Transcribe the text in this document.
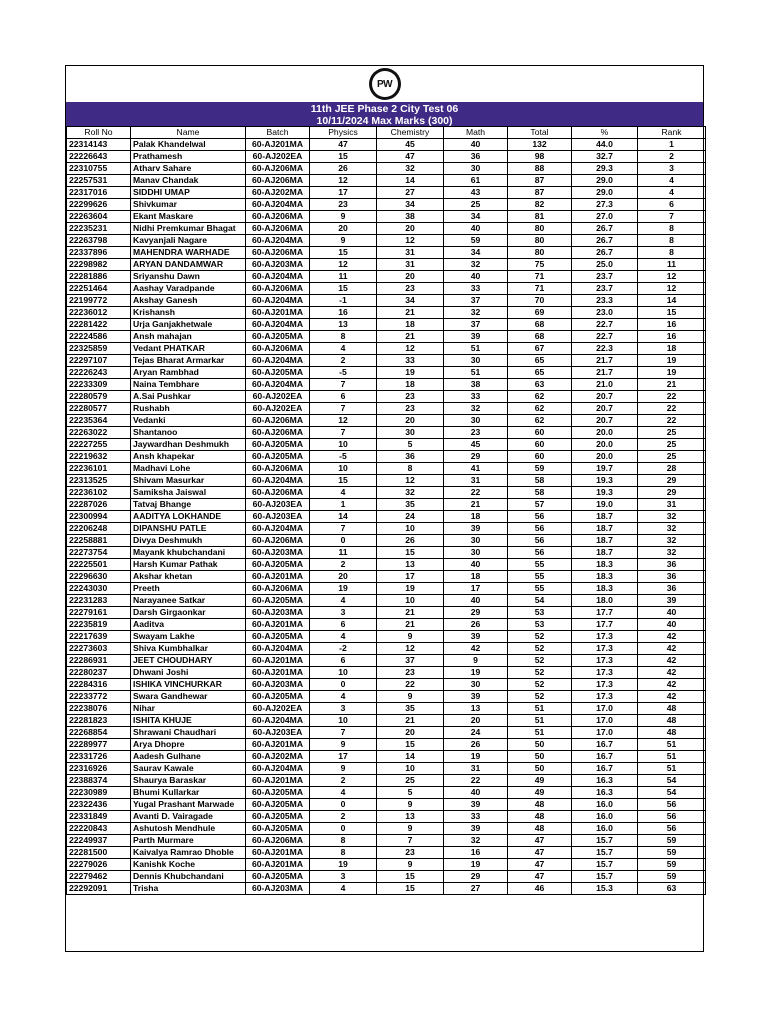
PW
11th JEE Phase 2 City Test 06
10/11/2024 Max Marks (300)
Roll No	Name	Batch	Physics	Chemistry	Math	Total	%	Rank
22314143	Palak Khandelwal	60-AJ201MA	47	45	40	132	44.0	1
22226643	Prathamesh	60-AJ202EA	15	47	36	98	32.7	2
22310755	Atharv Sahare	60-AJ206MA	26	32	30	88	29.3	3
22257531	Manav Chandak	60-AJ206MA	12	14	61	87	29.0	4
22317016	SIDDHI UMAP	60-AJ202MA	17	27	43	87	29.0	4
22299626	Shivkumar	60-AJ204MA	23	34	25	82	27.3	6
22263604	Ekant Maskare	60-AJ206MA	9	38	34	81	27.0	7
22235231	Nidhi Premkumar Bhagat	60-AJ206MA	20	20	40	80	26.7	8
22263798	Kavyanjali Nagare	60-AJ204MA	9	12	59	80	26.7	8
22337896	MAHENDRA WARHADE	60-AJ206MA	15	31	34	80	26.7	8
22298982	ARYAN DANDAMWAR	60-AJ203MA	12	31	32	75	25.0	11
22281886	Sriyanshu Dawn	60-AJ204MA	11	20	40	71	23.7	12
22251464	Aashay Varadpande	60-AJ206MA	15	23	33	71	23.7	12
22199772	Akshay Ganesh	60-AJ204MA	-1	34	37	70	23.3	14
22236012	Krishansh	60-AJ201MA	16	21	32	69	23.0	15
22281422	Urja Ganjakhetwale	60-AJ204MA	13	18	37	68	22.7	16
22224586	Ansh mahajan	60-AJ205MA	8	21	39	68	22.7	16
22325859	Vedant PHATKAR	60-AJ206MA	4	12	51	67	22.3	18
22297107	Tejas Bharat Armarkar	60-AJ204MA	2	33	30	65	21.7	19
22226243	Aryan Rambhad	60-AJ205MA	-5	19	51	65	21.7	19
22233309	Naina Tembhare	60-AJ204MA	7	18	38	63	21.0	21
22280579	A.Sai Pushkar	60-AJ202EA	6	23	33	62	20.7	22
22280577	Rushabh	60-AJ202EA	7	23	32	62	20.7	22
22235364	Vedanki	60-AJ206MA	12	20	30	62	20.7	22
22263022	Shantanoo	60-AJ206MA	7	30	23	60	20.0	25
22227255	Jaywardhan Deshmukh	60-AJ205MA	10	5	45	60	20.0	25
22219632	Ansh khapekar	60-AJ205MA	-5	36	29	60	20.0	25
22236101	Madhavi Lohe	60-AJ206MA	10	8	41	59	19.7	28
22313525	Shivam Masurkar	60-AJ204MA	15	12	31	58	19.3	29
22236102	Samiksha Jaiswal	60-AJ206MA	4	32	22	58	19.3	29
22287026	Tatvaj Bhange	60-AJ203EA	1	35	21	57	19.0	31
22300994	AADITYA LOKHANDE	60-AJ203EA	14	24	18	56	18.7	32
22206248	DIPANSHU PATLE	60-AJ204MA	7	10	39	56	18.7	32
22258881	Divya Deshmukh	60-AJ206MA	0	26	30	56	18.7	32
22273754	Mayank khubchandani	60-AJ203MA	11	15	30	56	18.7	32
22225501	Harsh Kumar Pathak	60-AJ205MA	2	13	40	55	18.3	36
22296630	Akshar khetan	60-AJ201MA	20	17	18	55	18.3	36
22243030	Preeth	60-AJ206MA	19	19	17	55	18.3	36
22231283	Narayanee Satkar	60-AJ205MA	4	10	40	54	18.0	39
22279161	Darsh Girgaonkar	60-AJ203MA	3	21	29	53	17.7	40
22235819	Aaditva	60-AJ201MA	6	21	26	53	17.7	40
22217639	Swayam Lakhe	60-AJ205MA	4	9	39	52	17.3	42
22273603	Shiva Kumbhalkar	60-AJ204MA	-2	12	42	52	17.3	42
22286931	JEET CHOUDHARY	60-AJ201MA	6	37	9	52	17.3	42
22280237	Dhwani Joshi	60-AJ201MA	10	23	19	52	17.3	42
22284316	ISHIKA VINCHURKAR	60-AJ203MA	0	22	30	52	17.3	42
22233772	Swara Gandhewar	60-AJ205MA	4	9	39	52	17.3	42
22238076	Nihar	60-AJ202EA	3	35	13	51	17.0	48
22281823	ISHITA KHUJE	60-AJ204MA	10	21	20	51	17.0	48
22268854	Shrawani Chaudhari	60-AJ203EA	7	20	24	51	17.0	48
22289977	Arya Dhopre	60-AJ201MA	9	15	26	50	16.7	51
22331726	Aadesh Gulhane	60-AJ202MA	17	14	19	50	16.7	51
22316926	Saurav Kawale	60-AJ204MA	9	10	31	50	16.7	51
22388374	Shaurya Baraskar	60-AJ201MA	2	25	22	49	16.3	54
22230989	Bhumi Kullarkar	60-AJ205MA	4	5	40	49	16.3	54
22322436	Yugal Prashant Marwade	60-AJ205MA	0	9	39	48	16.0	56
22331849	Avanti D. Vairagade	60-AJ205MA	2	13	33	48	16.0	56
22220843	Ashutosh Mendhule	60-AJ205MA	0	9	39	48	16.0	56
22249937	Parth Murmare	60-AJ206MA	8	7	32	47	15.7	59
22281500	Kaivalya Ramrao Dhoble	60-AJ201MA	8	23	16	47	15.7	59
22279026	Kanishk Koche	60-AJ201MA	19	9	19	47	15.7	59
22279462	Dennis Khubchandani	60-AJ205MA	3	15	29	47	15.7	59
22292091	Trisha	60-AJ203MA	4	15	27	46	15.3	63
